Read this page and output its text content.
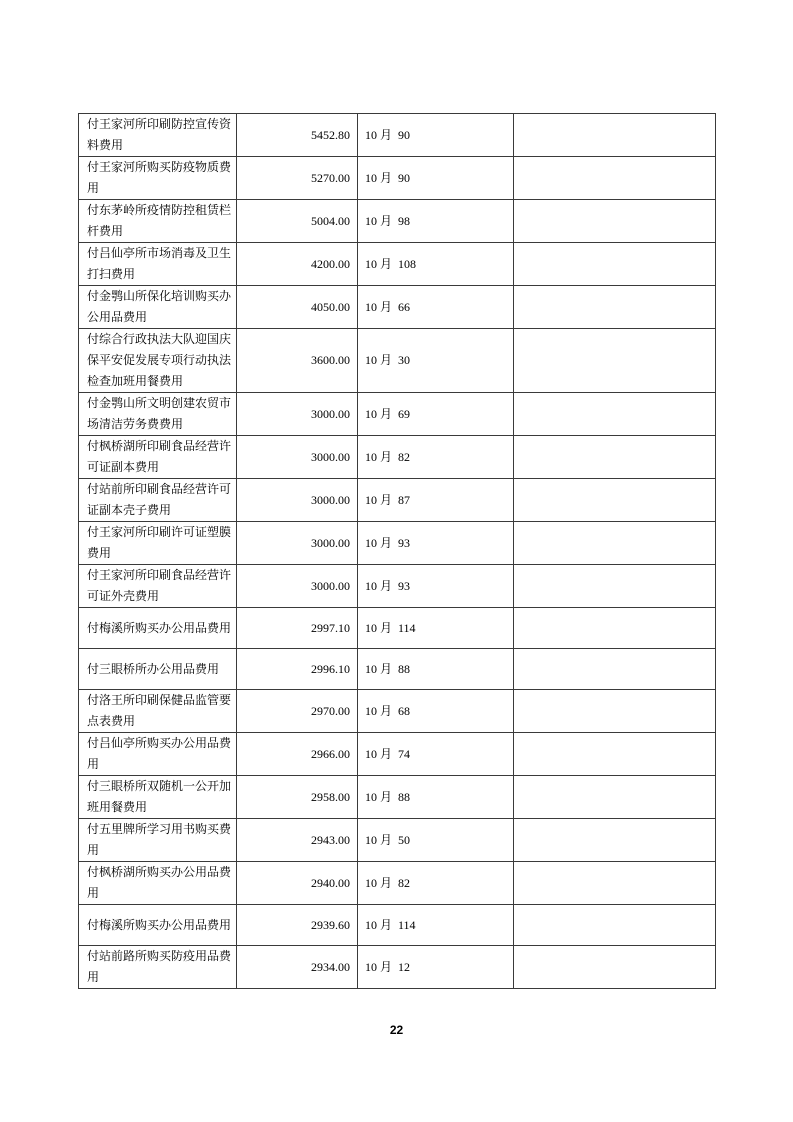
付王家河所印刷防控宣传资料费用	5452.80	10 月  90	
付王家河所购买防疫物质费用	5270.00	10 月  90	
付东茅岭所疫情防控租赁栏杆费用	5004.00	10 月  98	
付吕仙亭所市场消毒及卫生打扫费用	4200.00	10 月  108	
付金鹗山所保化培训购买办公用品费用	4050.00	10 月  66	
付综合行政执法大队迎国庆保平安促发展专项行动执法检查加班用餐费用	3600.00	10 月  30	
付金鹗山所文明创建农贸市场清洁劳务费费用	3000.00	10 月  69	
付枫桥湖所印刷食品经营许可证副本费用	3000.00	10 月  82	
付站前所印刷食品经营许可证副本壳子费用	3000.00	10 月  87	
付王家河所印刷许可证塑膜费用	3000.00	10 月  93	
付王家河所印刷食品经营许可证外壳费用	3000.00	10 月  93	
付梅溪所购买办公用品费用	2997.10	10 月  114	
付三眼桥所办公用品费用	2996.10	10 月  88	
付洛王所印刷保健品监管要点表费用	2970.00	10 月  68	
付吕仙亭所购买办公用品费用	2966.00	10 月  74	
付三眼桥所双随机一公开加班用餐费用	2958.00	10 月  88	
付五里牌所学习用书购买费用	2943.00	10 月  50	
付枫桥湖所购买办公用品费用	2940.00	10 月  82	
付梅溪所购买办公用品费用	2939.60	10 月  114	
付站前路所购买防疫用品费用	2934.00	10 月  12	
22
